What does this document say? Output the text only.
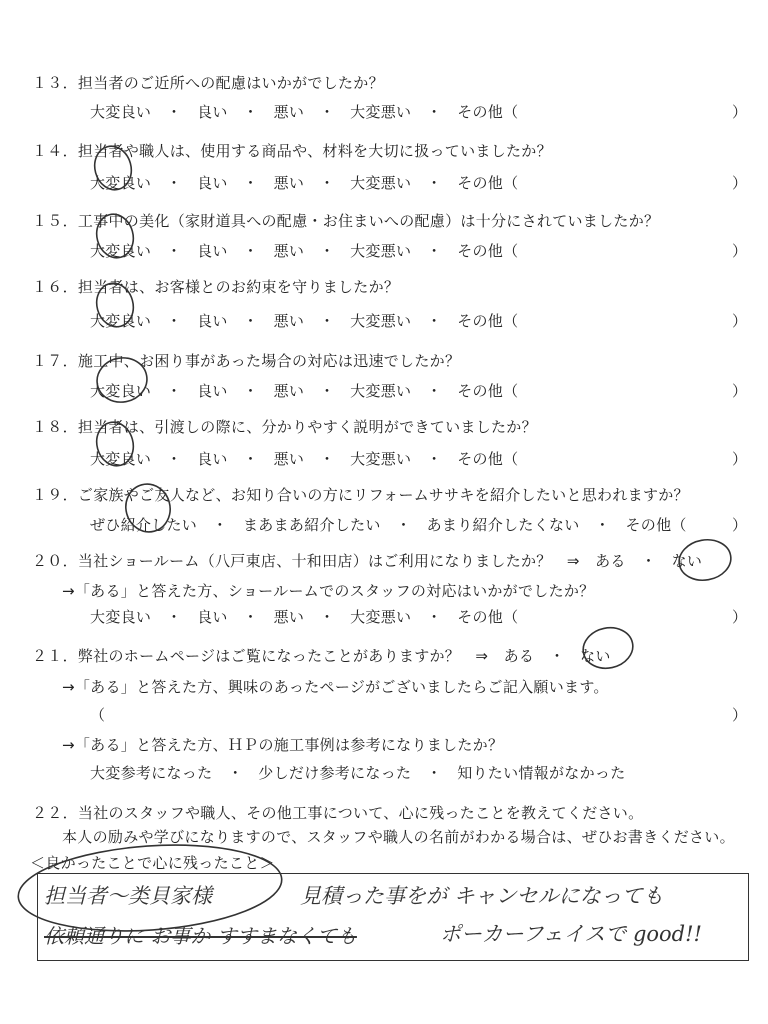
１３．担当者のご近所への配慮はいかがでしたか？
大変良い　・　良い　・　悪い　・　大変悪い　・　その他（	）
１４．担当者や職人は、使用する商品や、材料を大切に扱っていましたか？
大変良い　・　良い　・　悪い　・　大変悪い　・　その他（	）
１５．工事中の美化（家財道具への配慮・お住まいへの配慮）は十分にされていましたか？
大変良い　・　良い　・　悪い　・　大変悪い　・　その他（	）
１６．担当者は、お客様とのお約束を守りましたか？
大変良い　・　良い　・　悪い　・　大変悪い　・　その他（	）
１７．施工中、お困り事があった場合の対応は迅速でしたか？
大変良い　・　良い　・　悪い　・　大変悪い　・　その他（	）
１８．担当者は、引渡しの際に、分かりやすく説明ができていましたか？
大変良い　・　良い　・　悪い　・　大変悪い　・　その他（	）
１９．ご家族やご友人など、お知り合いの方にリフォームササキを紹介したいと思われますか？
ぜひ紹介したい　・　まあまあ紹介したい　・　あまり紹介したくない　・　その他（	）
２０．当社ショールーム（八戸東店、十和田店）はご利用になりましたか？　⇒　ある　・　ない
→「ある」と答えた方、ショールームでのスタッフの対応はいかがでしたか？
大変良い　・　良い　・　悪い　・　大変悪い　・　その他（	）
２１．弊社のホームページはご覧になったことがありますか？　⇒　ある　・　ない
→「ある」と答えた方、興味のあったページがございましたらご記入願います。
（	）
→「ある」と答えた方、ＨＰの施工事例は参考になりましたか？
大変参考になった　・　少しだけ参考になった　・　知りたい情報がなかった
２２．当社のスタッフや職人、その他工事について、心に残ったことを教えてください。
本人の励みや学びになりますので、スタッフや職人の名前がわかる場合は、ぜひお書きください。
＜良かったことで心に残ったこと＞
担当者〜类貝家様	見積った事をが キャンセルになっても
依頼通りに お事か すすまなくても	ポーカーフェイスで good!!
